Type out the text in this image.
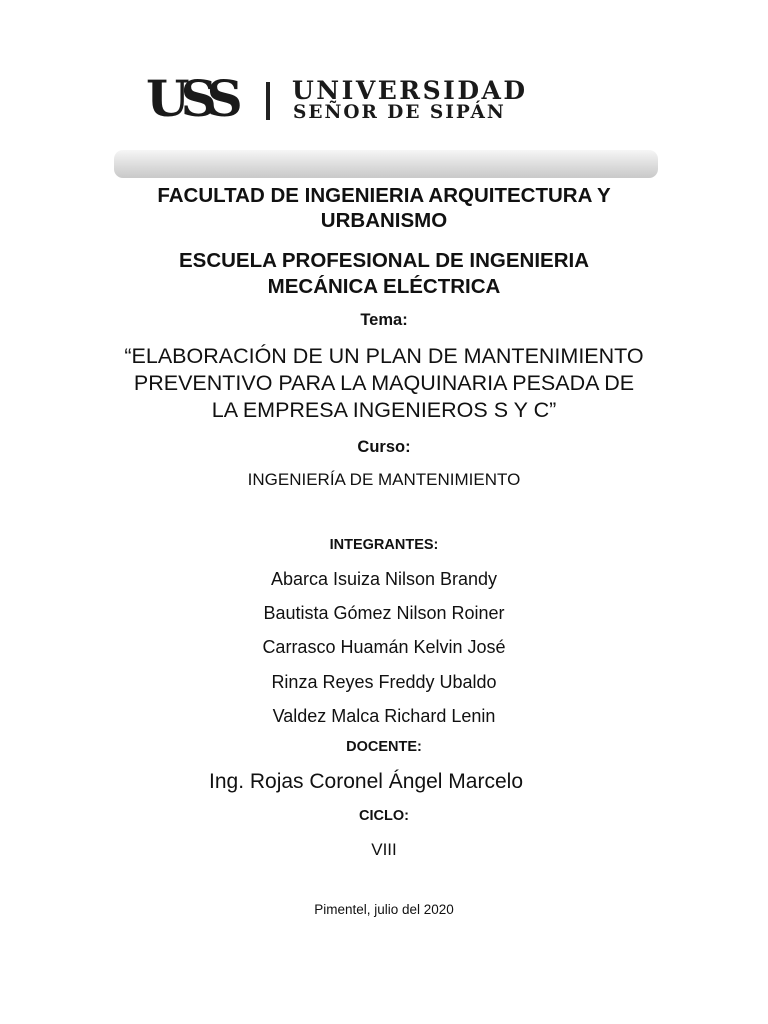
USS UNIVERSIDAD
SEÑOR DE SIPÁN
FACULTAD DE INGENIERIA ARQUITECTURA Y
URBANISMO
ESCUELA PROFESIONAL DE INGENIERIA
MECÁNICA ELÉCTRICA
Tema:
“ELABORACIÓN DE UN PLAN DE MANTENIMIENTO
PREVENTIVO PARA LA MAQUINARIA PESADA DE
LA EMPRESA INGENIEROS S Y C”
Curso:
INGENIERÍA DE MANTENIMIENTO
INTEGRANTES:
Abarca Isuiza Nilson Brandy
Bautista Gómez Nilson Roiner
Carrasco Huamán Kelvin José
Rinza Reyes Freddy Ubaldo
Valdez Malca Richard Lenin
DOCENTE:
Ing. Rojas Coronel Ángel Marcelo
CICLO:
VIII
Pimentel, julio del 2020
